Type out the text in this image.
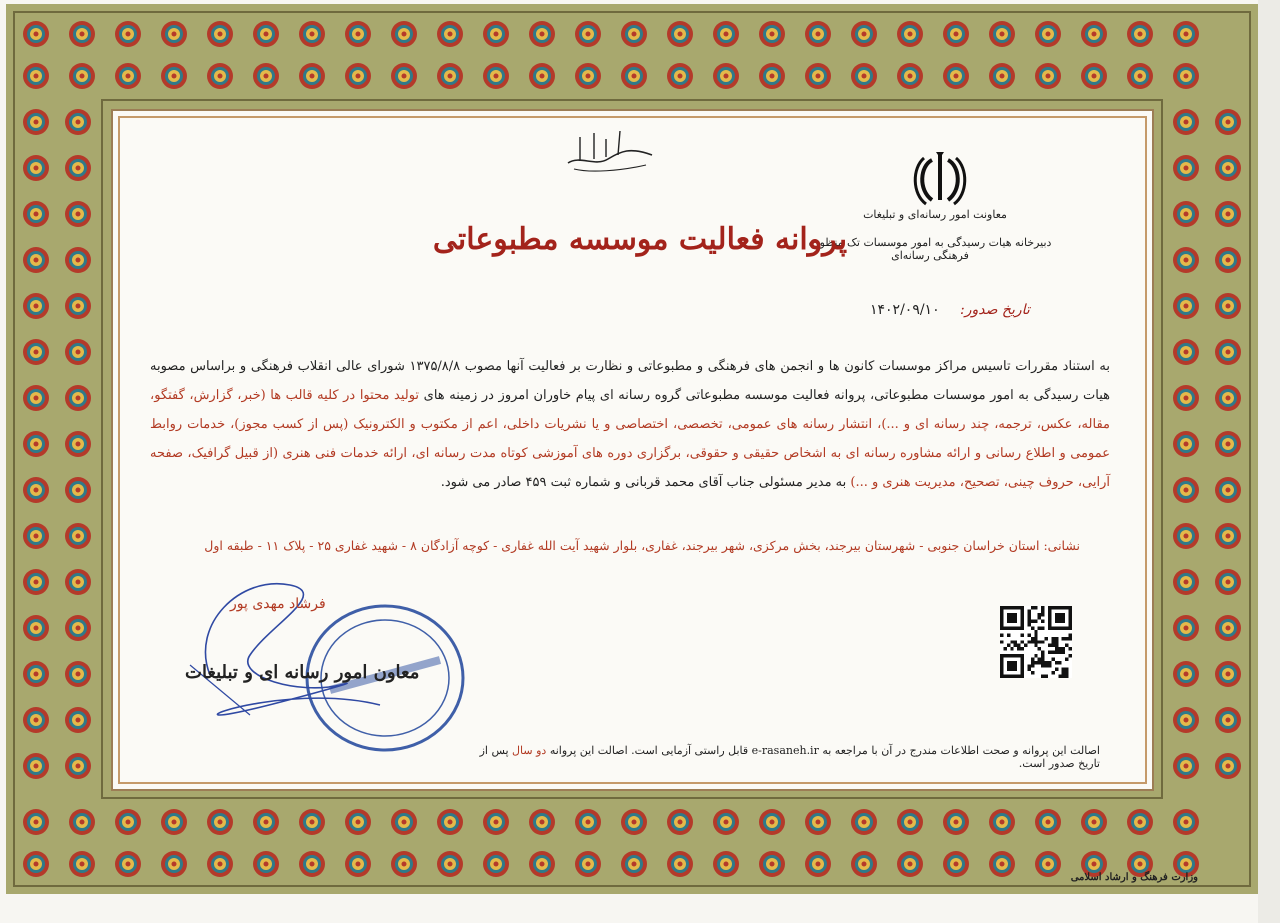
معاونت امور رسانه‌ای و تبلیغات
دبیرخانه هیات رسیدگی به امور موسسات تک منظوره فرهنگی رسانه‌ای
پروانه فعالیت موسسه مطبوعاتی
تاریخ صدور:
۱۴۰۲/۰۹/۱۰
به استناد مقررات تاسیس مراکز موسسات کانون ها و انجمن های فرهنگی و مطبوعاتی و نظارت بر فعالیت آنها مصوب ۱۳۷۵/۸/۸ شورای عالی انقلاب فرهنگی و براساس مصوبه هیات رسیدگی به امور موسسات مطبوعاتی، پروانه فعالیت موسسه مطبوعاتی گروه رسانه ای پیام خاوران امروز در زمینه های تولید محتوا در کلیه قالب ها (خبر، گزارش، گفتگو، مقاله، عکس، ترجمه، چند رسانه ای و ...)، انتشار رسانه های عمومی، تخصصی، اختصاصی و یا نشریات داخلی، اعم از مکتوب و الکترونیک (پس از کسب مجوز)، خدمات روابط عمومی و اطلاع رسانی و ارائه مشاوره رسانه ای به اشخاص حقیقی و حقوقی، برگزاری دوره های آموزشی کوتاه مدت رسانه ای، ارائه خدمات فنی هنری (از قبیل گرافیک، صفحه آرایی، حروف چینی، تصحیح، مدیریت هنری و ...) به مدیر مسئولی جناب آقای محمد قربانی و شماره ثبت ۴۵۹ صادر می شود.
نشانی: استان خراسان جنوبی - شهرستان بیرجند، بخش مرکزی، شهر بیرجند، غفاری، بلوار شهید آیت الله غفاری - کوچه آزادگان ۸ - شهید غفاری ۲۵ - پلاک ۱۱ - طبقه اول
فرشاد مهدی پور
معاون امور رسانه ای و تبلیغات
اصالت این پروانه و صحت اطلاعات مندرج در آن با مراجعه به e-rasaneh.ir قابل راستی آزمایی است. اصالت این پروانه دو سال پس از تاریخ صدور است.
وزارت فرهنگ و ارشاد اسلامی
